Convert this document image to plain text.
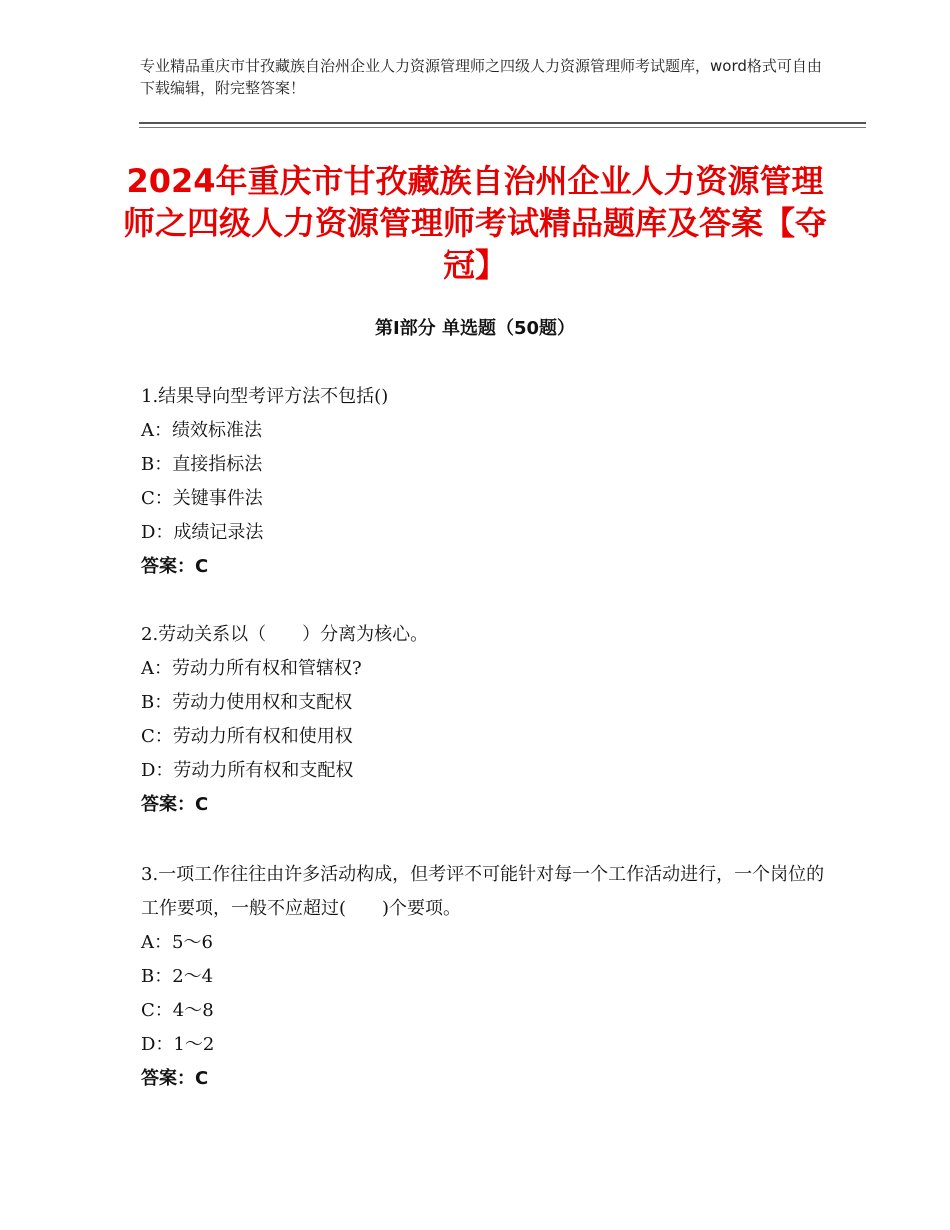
专业精品重庆市甘孜藏族自治州企业人力资源管理师之四级人力资源管理师考试题库，word格式可自由下载编辑，附完整答案！
2024年重庆市甘孜藏族自治州企业人力资源管理师之四级人力资源管理师考试精品题库及答案【夺冠】
第Ⅰ部分 单选题（50题）
1.结果导向型考评方法不包括()
A：绩效标准法
B：直接指标法
C：关键事件法
D：成绩记录法
答案：C
2.劳动关系以（　　）分离为核心。
A：劳动力所有权和管辖权?
B：劳动力使用权和支配权
C：劳动力所有权和使用权
D：劳动力所有权和支配权
答案：C
3.一项工作往往由许多活动构成，但考评不可能针对每一个工作活动进行，一个岗位的工作要项，一般不应超过(　　)个要项。
A：5～6
B：2～4
C：4～8
D：1～2
答案：C
